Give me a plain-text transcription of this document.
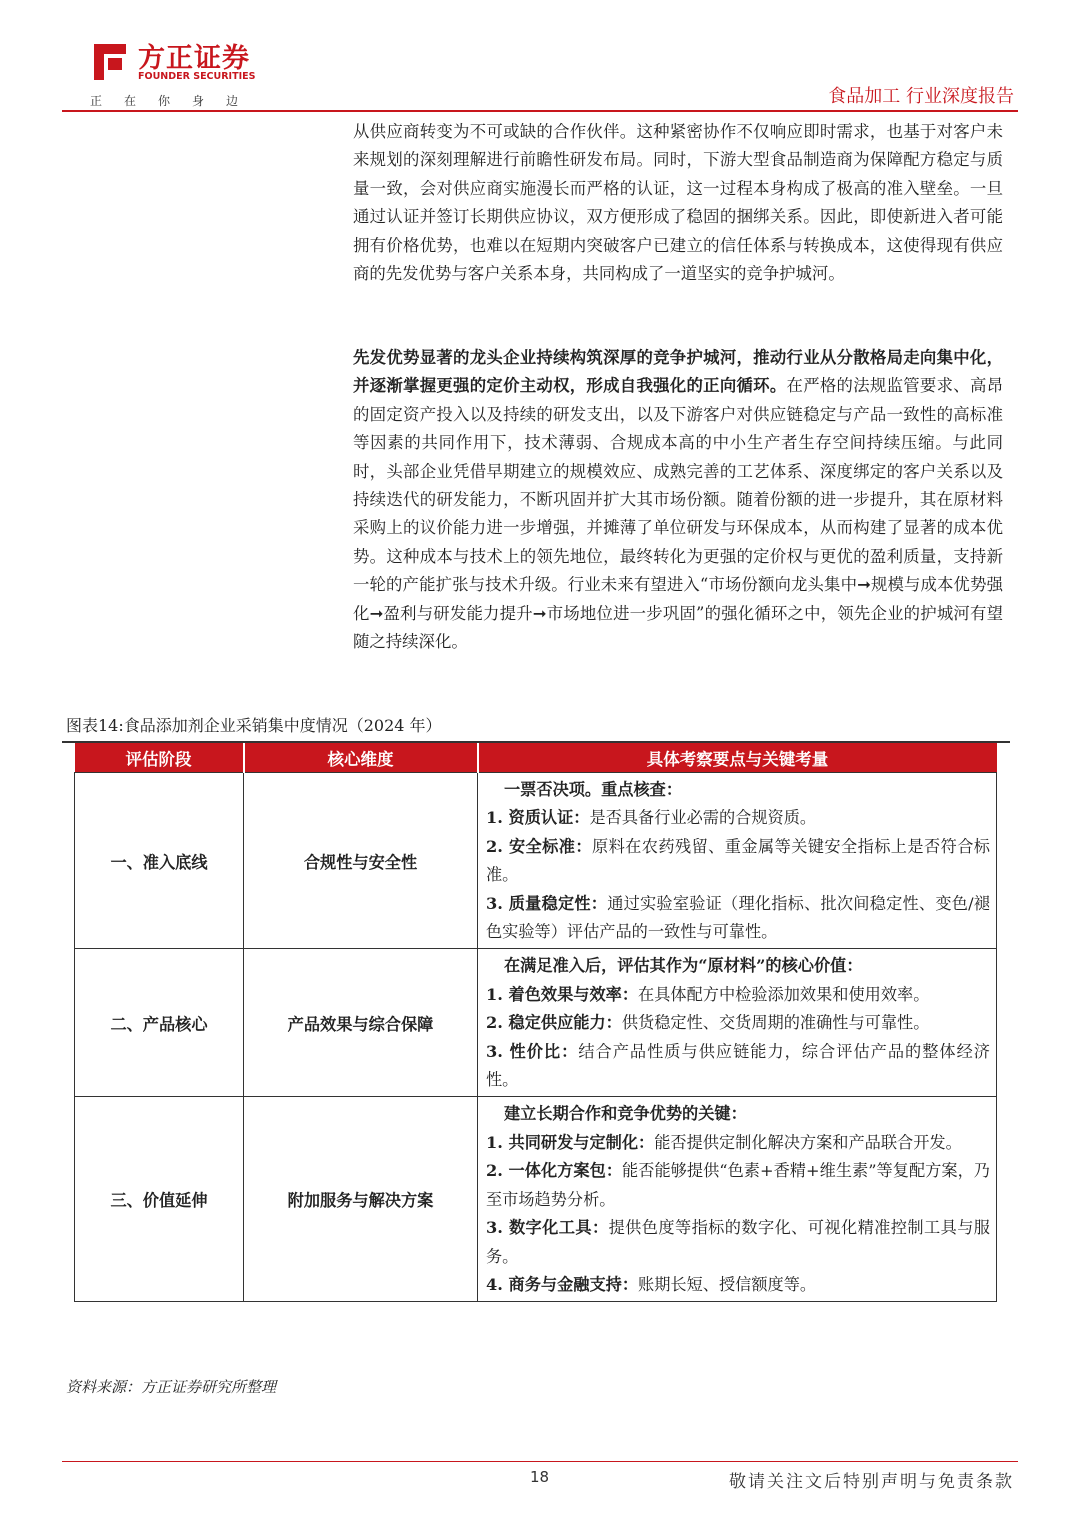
方正证券
FOUNDER SECURITIES
正在你身边	食品加工 行业深度报告

从供应商转变为不可或缺的合作伙伴。这种紧密协作不仅响应即时需求，也基于对客户未来规划的深刻理解进行前瞻性研发布局。同时，下游大型食品制造商为保障配方稳定与质量一致，会对供应商实施漫长而严格的认证，这一过程本身构成了极高的准入壁垒。一旦通过认证并签订长期供应协议，双方便形成了稳固的捆绑关系。因此，即使新进入者可能拥有价格优势，也难以在短期内突破客户已建立的信任体系与转换成本，这使得现有供应商的先发优势与客户关系本身，共同构成了一道坚实的竞争护城河。

先发优势显著的龙头企业持续构筑深厚的竞争护城河，推动行业从分散格局走向集中化，并逐渐掌握更强的定价主动权，形成自我强化的正向循环。在严格的法规监管要求、高昂的固定资产投入以及持续的研发支出，以及下游客户对供应链稳定与产品一致性的高标准等因素的共同作用下，技术薄弱、合规成本高的中小生产者生存空间持续压缩。与此同时，头部企业凭借早期建立的规模效应、成熟完善的工艺体系、深度绑定的客户关系以及持续迭代的研发能力，不断巩固并扩大其市场份额。随着份额的进一步提升，其在原材料采购上的议价能力进一步增强，并摊薄了单位研发与环保成本，从而构建了显著的成本优势。这种成本与技术上的领先地位，最终转化为更强的定价权与更优的盈利质量，支持新一轮的产能扩张与技术升级。行业未来有望进入“市场份额向龙头集中➞规模与成本优势强化➞盈利与研发能力提升➞市场地位进一步巩固”的强化循环之中，领先企业的护城河有望随之持续深化。

图表14:食品添加剂企业采销集中度情况（2024 年）
评估阶段	核心维度	具体考察要点与关键考量
一、准入底线	合规性与安全性	一票否决项。重点核查：
1. 资质认证：是否具备行业必需的合规资质。
2. 安全标准：原料在农药残留、重金属等关键安全指标上是否符合标准。
3. 质量稳定性：通过实验室验证（理化指标、批次间稳定性、变色/褪色实验等）评估产品的一致性与可靠性。

二、产品核心	产品效果与综合保障	在满足准入后，评估其作为“原材料”的核心价值：
1. 着色效果与效率：在具体配方中检验添加效果和使用效率。
2. 稳定供应能力：供货稳定性、交货周期的准确性与可靠性。
3. 性价比：结合产品性质与供应链能力，综合评估产品的整体经济性。

三、价值延伸	附加服务与解决方案	建立长期合作和竞争优势的关键：
1. 共同研发与定制化：能否提供定制化解决方案和产品联合开发。
2. 一体化方案包：能否能够提供“色素+香精+维生素”等复配方案，乃至市场趋势分析。
3. 数字化工具：提供色度等指标的数字化、可视化精准控制工具与服务。
4. 商务与金融支持：账期长短、授信额度等。
资料来源：方正证券研究所整理
18	敬请关注文后特别声明与免责条款
